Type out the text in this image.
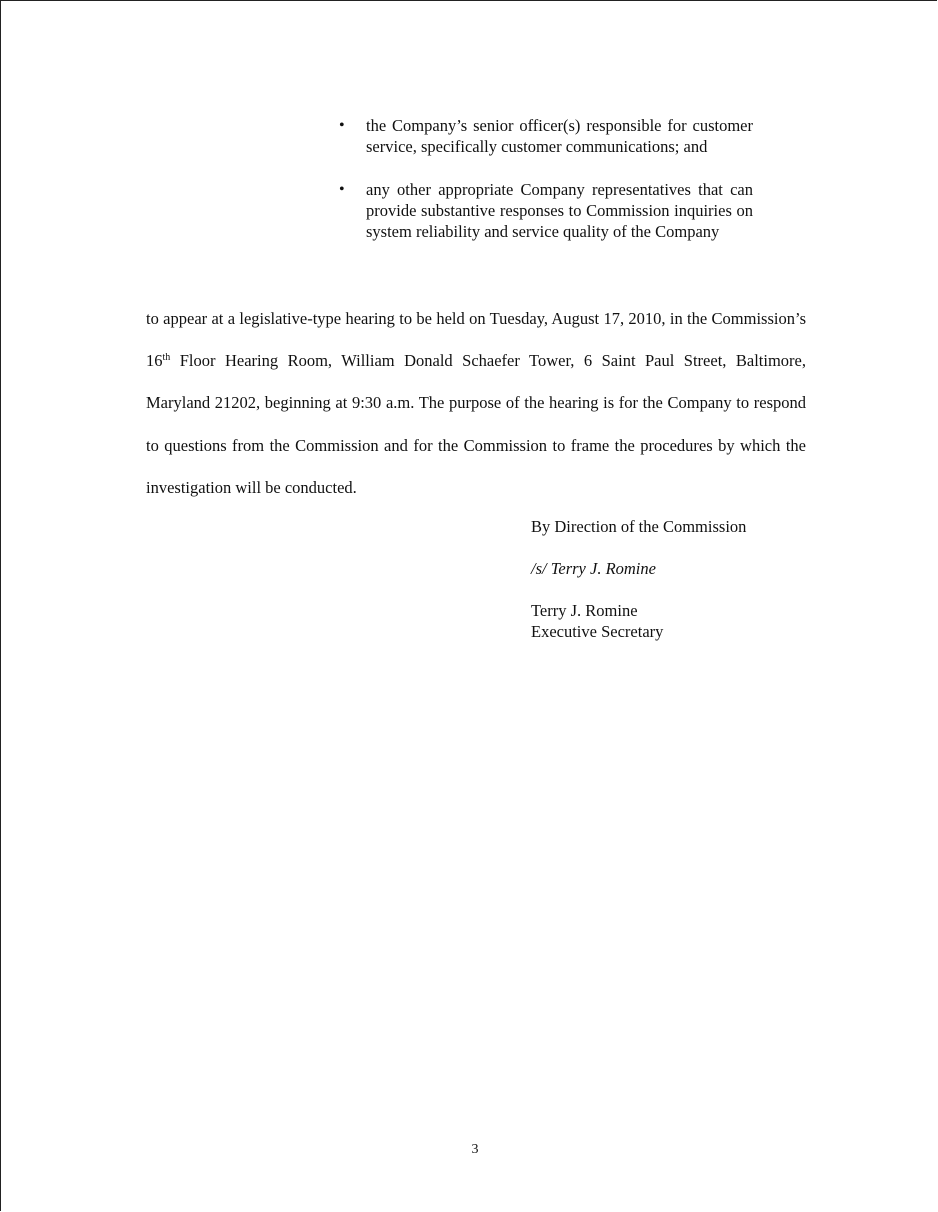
• the Company’s senior officer(s) responsible for customer service, specifically customer communications; and
• any other appropriate Company representatives that can provide substantive responses to Commission inquiries on system reliability and service quality of the Company

to appear at a legislative-type hearing to be held on Tuesday, August 17, 2010, in the Commission’s 16th Floor Hearing Room, William Donald Schaefer Tower, 6 Saint Paul Street, Baltimore, Maryland 21202, beginning at 9:30 a.m. The purpose of the hearing is for the Company to respond to questions from the Commission and for the Commission to frame the procedures by which the investigation will be conducted.

By Direction of the Commission
/s/ Terry J. Romine
Terry J. Romine
Executive Secretary
3
